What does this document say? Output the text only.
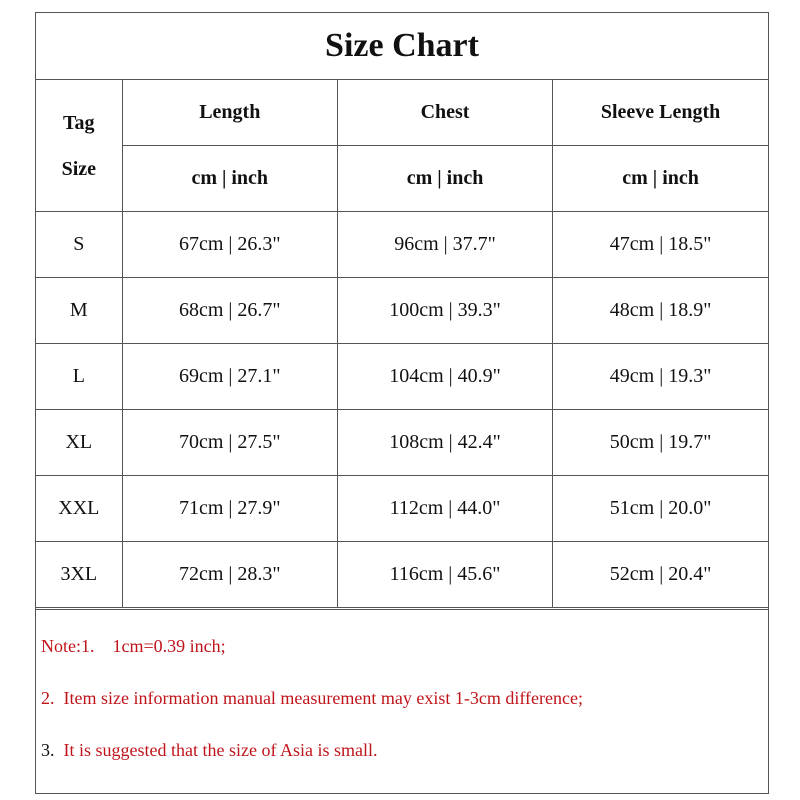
Size Chart
Tag
Size	Length	Chest	Sleeve Length
	cm | inch	cm | inch	cm | inch
S	67cm | 26.3"	96cm | 37.7"	47cm | 18.5"
M	68cm | 26.7"	100cm | 39.3"	48cm | 18.9"
L	69cm | 27.1"	104cm | 40.9"	49cm | 19.3"
XL	70cm | 27.5"	108cm | 42.4"	50cm | 19.7"
XXL	71cm | 27.9"	112cm | 44.0"	51cm | 20.0"
3XL	72cm | 28.3"	116cm | 45.6"	52cm | 20.4"
Note:1. 1cm=0.39 inch;
2. Item size information manual measurement may exist 1-3cm difference;
3. It is suggested that the size of Asia is small.
